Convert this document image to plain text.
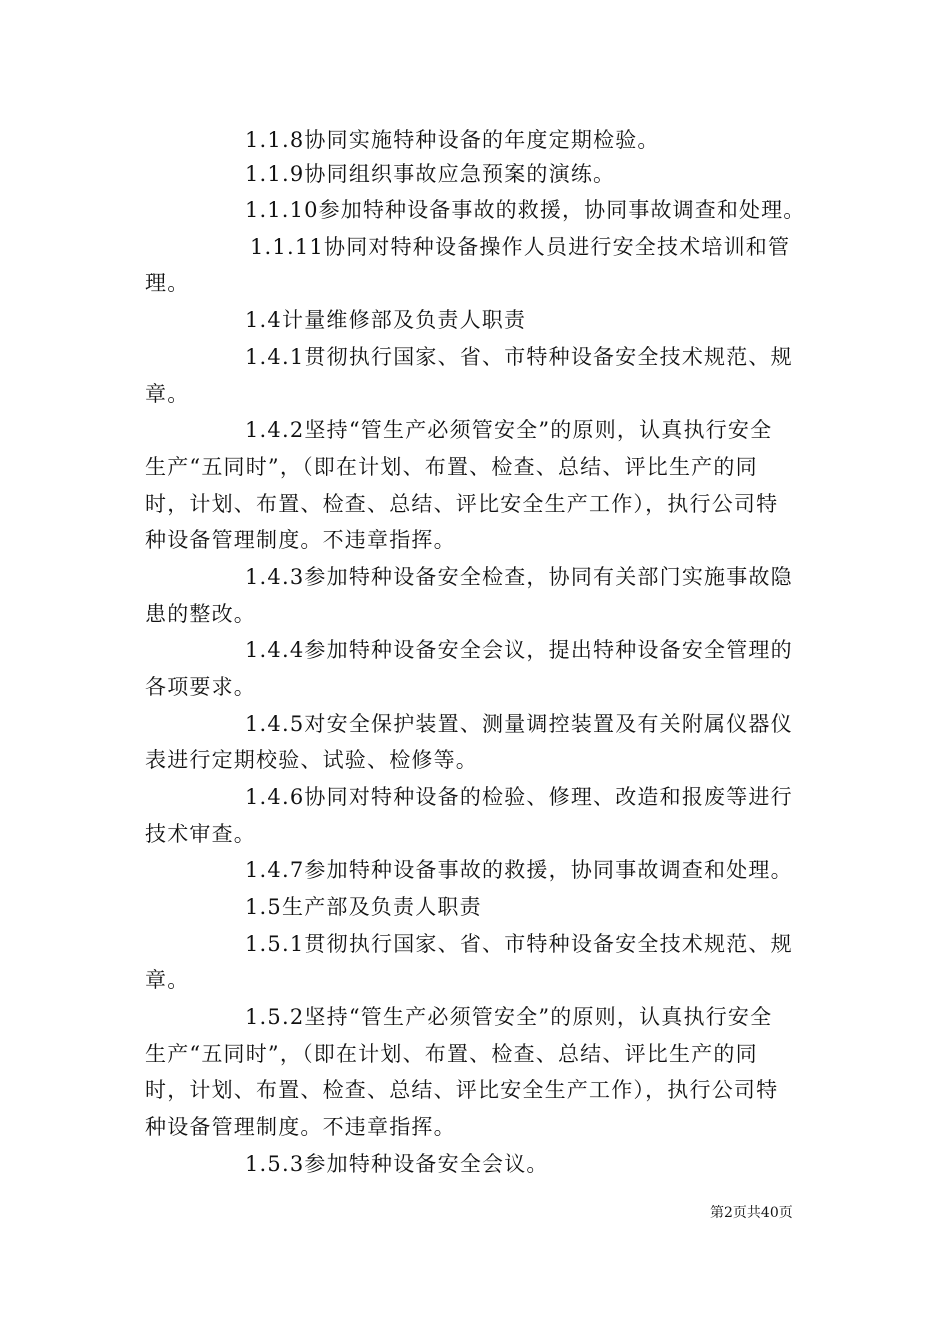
1.1.8协同实施特种设备的年度定期检验。
1.1.9协同组织事故应急预案的演练。
1.1.10参加特种设备事故的救援，协同事故调查和处理。
1.1.11协同对特种设备操作人员进行安全技术培训和管
理。
1.4计量维修部及负责人职责
1.4.1贯彻执行国家、省、市特种设备安全技术规范、规
章。
1.4.2坚持“管生产必须管安全”的原则，认真执行安全
生产“五同时”，（即在计划、布置、检查、总结、评比生产的同
时，计划、布置、检查、总结、评比安全生产工作），执行公司特
种设备管理制度。不违章指挥。
1.4.3参加特种设备安全检查，协同有关部门实施事故隐
患的整改。
1.4.4参加特种设备安全会议，提出特种设备安全管理的
各项要求。
1.4.5对安全保护装置、测量调控装置及有关附属仪器仪
表进行定期校验、试验、检修等。
1.4.6协同对特种设备的检验、修理、改造和报废等进行
技术审查。
1.4.7参加特种设备事故的救援，协同事故调查和处理。
1.5生产部及负责人职责
1.5.1贯彻执行国家、省、市特种设备安全技术规范、规
章。
1.5.2坚持“管生产必须管安全”的原则，认真执行安全
生产“五同时”，（即在计划、布置、检查、总结、评比生产的同
时，计划、布置、检查、总结、评比安全生产工作），执行公司特
种设备管理制度。不违章指挥。
1.5.3参加特种设备安全会议。
第2页共40页
